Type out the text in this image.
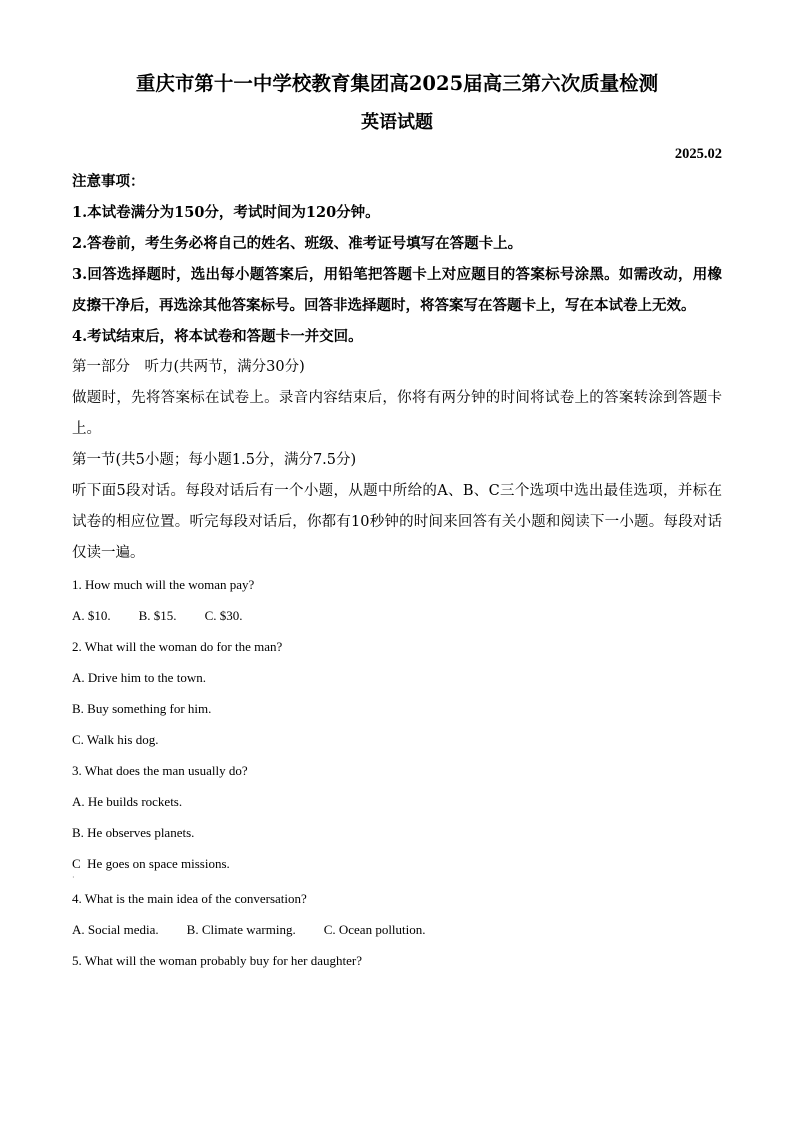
重庆市第十一中学校教育集团高2025届高三第六次质量检测
英语试题
2025.02
注意事项：
1.本试卷满分为150分，考试时间为120分钟。
2.答卷前，考生务必将自己的姓名、班级、准考证号填写在答题卡上。
3.回答选择题时，选出每小题答案后，用铅笔把答题卡上对应题目的答案标号涂黑。如需改动，用橡皮擦干净后，再选涂其他答案标号。回答非选择题时，将答案写在答题卡上，写在本试卷上无效。
4.考试结束后，将本试卷和答题卡一并交回。
第一部分　听力(共两节，满分30分)
做题时，先将答案标在试卷上。录音内容结束后，你将有两分钟的时间将试卷上的答案转涂到答题卡上。
第一节(共5小题；每小题1.5分，满分7.5分)
听下面5段对话。每段对话后有一个小题，从题中所给的A、B、C三个选项中选出最佳选项，并标在试卷的相应位置。听完每段对话后，你都有10秒钟的时间来回答有关小题和阅读下一小题。每段对话仅读一遍。
1. How much will the woman pay?
A. $10. B. $15. C. $30.
2. What will the woman do for the man?
A. Drive him to the town.
B. Buy something for him.
C. Walk his dog.
3. What does the man usually do?
A. He builds rockets.
B. He observes planets.
C  He goes on space missions.
·
4. What is the main idea of the conversation?
A. Social media. B. Climate warming. C. Ocean pollution.
5. What will the woman probably buy for her daughter?
